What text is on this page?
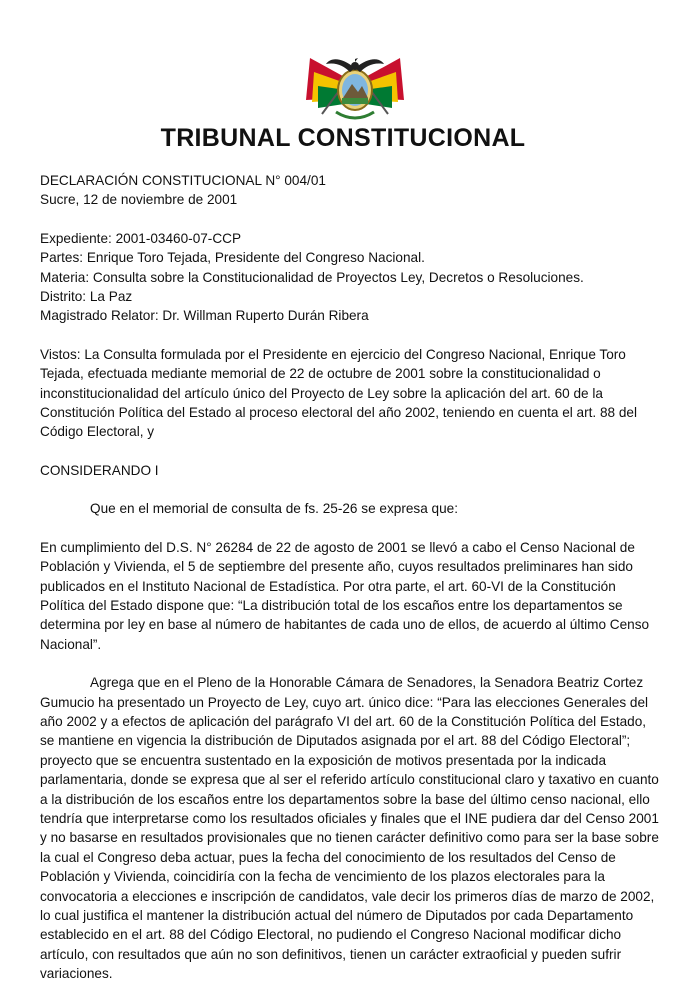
TRIBUNAL CONSTITUCIONAL

DECLARACIÓN CONSTITUCIONAL N° 004/01

Sucre, 12 de noviembre de 2001

Expediente: 2001-03460-07-CCP

Partes: Enrique Toro Tejada, Presidente del Congreso Nacional.

Materia: Consulta sobre la Constitucionalidad de Proyectos Ley, Decretos o Resoluciones.

Distrito: La Paz

Magistrado Relator: Dr. Willman Ruperto Durán Ribera

Vistos: La Consulta formulada por el Presidente en ejercicio del Congreso Nacional, Enrique Toro Tejada, efectuada mediante memorial de 22 de octubre de 2001 sobre la constitucionalidad o inconstitucionalidad del artículo único del Proyecto de Ley sobre la aplicación del art. 60 de la Constitución Política del Estado al proceso electoral del año 2002, teniendo en cuenta el art. 88 del Código Electoral, y

CONSIDERANDO I

Que en el memorial de consulta de fs. 25-26 se expresa que:

En cumplimiento del D.S. N° 26284 de 22 de agosto de 2001 se llevó a cabo el Censo Nacional de Población y Vivienda, el 5 de septiembre del presente año, cuyos resultados preliminares han sido publicados en el Instituto Nacional de Estadística. Por otra parte, el art. 60-VI de la Constitución Política del Estado dispone que: “La distribución total de los escaños entre los departamentos se determina por ley en base al número de habitantes de cada uno de ellos, de acuerdo al último Censo Nacional”.

Agrega que en el Pleno de la Honorable Cámara de Senadores, la Senadora Beatriz Cortez Gumucio ha presentado un Proyecto de Ley, cuyo art. único dice: “Para las elecciones Generales del año 2002 y a efectos de aplicación del parágrafo VI del art. 60 de la Constitución Política del Estado, se mantiene en vigencia la distribución de Diputados asignada por el art. 88 del Código Electoral”; proyecto que se encuentra sustentado en la exposición de motivos presentada por la indicada parlamentaria, donde se expresa que al ser el referido artículo constitucional claro y taxativo en cuanto a la distribución de los escaños entre los departamentos sobre la base del último censo nacional, ello tendría que interpretarse como los resultados oficiales y finales que el INE pudiera dar del Censo 2001 y no basarse en resultados provisionales que no tienen carácter definitivo como para ser la base sobre la cual el Congreso deba actuar, pues la fecha del conocimiento de los resultados del Censo de Población y Vivienda, coincidiría con la fecha de vencimiento de los plazos electorales para la convocatoria a elecciones e inscripción de candidatos, vale decir los primeros días de marzo de 2002, lo cual justifica el mantener la distribución actual del número de Diputados por cada Departamento establecido en el art. 88 del Código Electoral, no pudiendo el Congreso Nacional modificar dicho artículo, con resultados que aún no son definitivos, tienen un carácter extraoficial y pueden sufrir variaciones.
